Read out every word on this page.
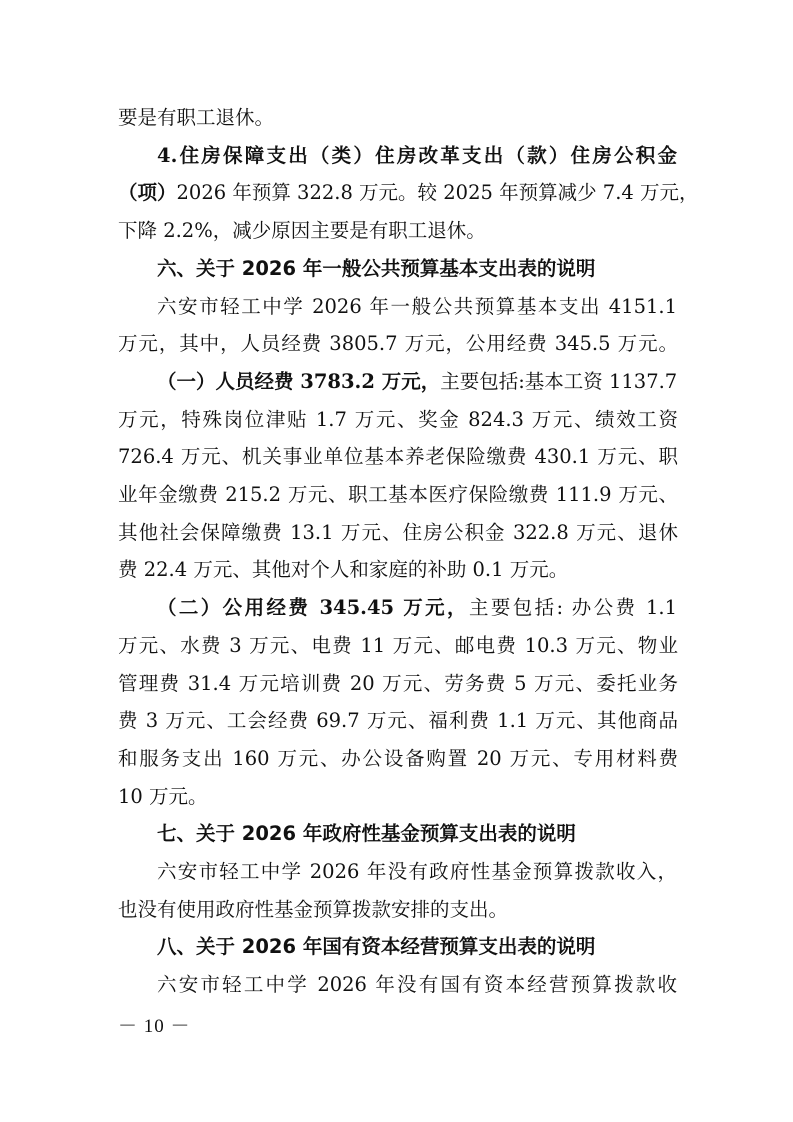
要是有职工退休。
4.住房保障支出（类）住房改革支出（款）住房公积金
（项）2026 年预算 322.8 万元。较 2025 年预算减少 7.4 万元，
下降 2.2%，减少原因主要是有职工退休。
六、关于 2026 年一般公共预算基本支出表的说明
六安市轻工中学 2026 年一般公共预算基本支出 4151.1
万元，其中，人员经费 3805.7 万元，公用经费 345.5 万元。
（一）人员经费 3783.2 万元，主要包括:基本工资 1137.7
万元，特殊岗位津贴 1.7 万元、奖金 824.3 万元、绩效工资
726.4 万元、机关事业单位基本养老保险缴费 430.1 万元、职
业年金缴费 215.2 万元、职工基本医疗保险缴费 111.9 万元、
其他社会保障缴费 13.1 万元、住房公积金 322.8 万元、退休
费 22.4 万元、其他对个人和家庭的补助 0.1 万元。
（二）公用经费 345.45 万元，主要包括: 办公费 1.1
万元、水费 3 万元、电费 11 万元、邮电费 10.3 万元、物业
管理费 31.4 万元培训费 20 万元、劳务费 5 万元、委托业务
费 3 万元、工会经费 69.7 万元、福利费 1.1 万元、其他商品
和服务支出 160 万元、办公设备购置 20 万元、专用材料费
10 万元。
七、关于 2026 年政府性基金预算支出表的说明
六安市轻工中学 2026 年没有政府性基金预算拨款收入，
也没有使用政府性基金预算拨款安排的支出。
八、关于 2026 年国有资本经营预算支出表的说明
六安市轻工中学 2026 年没有国有资本经营预算拨款收
－ 10 －
